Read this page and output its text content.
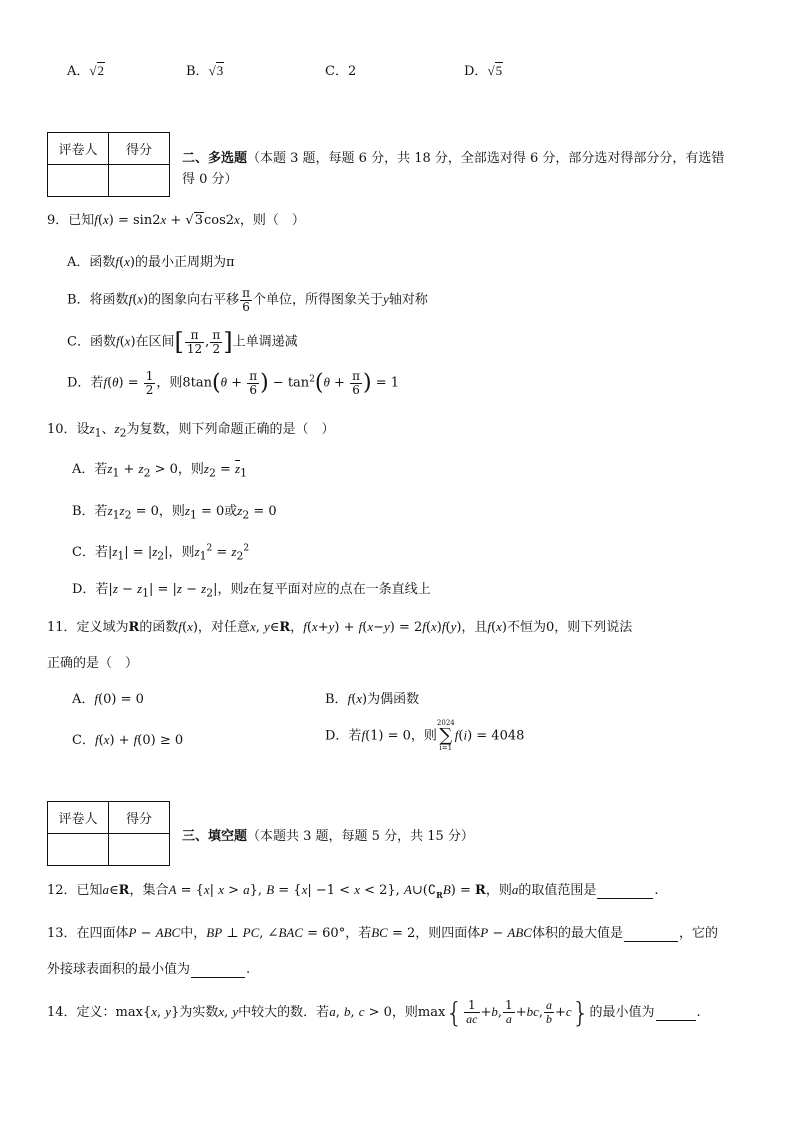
A．√2	B．√3	C．2	D．√5
评卷人	得分

二、多选题（本题 3 题，每题 6 分，共 18 分，全部选对得 6 分，部分选对得部分分，有选错
得 0 分）
9．已知f(x) = sin2x + √3cos2x，则（　）
A．函数f(x)的最小正周期为π
B．将函数f(x)的图象向右平移 $\frac{\pi}{6}$ 个单位，所得图象关于y轴对称
C．函数f(x)在区间[ $\frac{\pi}{12}$ , $\frac{\pi}{2}$ ]上单调递减
D．若$f(\theta) = \frac{1}{2}$ ，则$8\tan(\theta + \frac{\pi}{6}$ ) − $\tan^2(\theta + \frac{\pi}{6}$ ) = 1
10．设$z_1$、$z_2$为复数，则下列命题正确的是（　）
A．若$z_1 + z_2 > 0$，则$z_2 = \overline{z}_1$
B．若$z_1z_2 = 0$，则$z_1 = 0$或$z_2 = 0$
C．若$|z_1| = |z_2|$，则$z_1^2 = z_2^2$
D．若$|z - z_1| = |z - z_2|$，则z在复平面对应的点在一条直线上
11．定义域为R的函数f(x)，对任意x, y∈R，f(x+y) + f(x−y) = 2f(x)f(y)，且f(x)不恒为0，则下列说法
正确的是（　）
A．f(0) = 0	B．f(x)为偶函数
C．f(x) + f(0) ≥ 0	D．若f(1) = 0，则
2024
∑
i=1
f(i) = 4048
评卷人	得分

三、填空题（本题共 3 题，每题 5 分，共 15 分）
12．已知a∈R，集合A = {x| x > a}, B = {x| −1 < x < 2}, $A\cup(∁_RB) = R$，则a的取值范围是	.
13．在四面体P − ABC中，BP ⊥ PC, ∠BAC = 60°，若BC = 2，则四面体P − ABC体积的最大值是	，它的
外接球表面积的最小值为	.
14．定义：max{x, y}为实数x, y中较大的数．若a, b, c > 0，则$\max\{ \frac{1}{ac} +b$, $\frac{1}{a} +bc$, $\frac{a}{b} +c$}的最小值为	.
